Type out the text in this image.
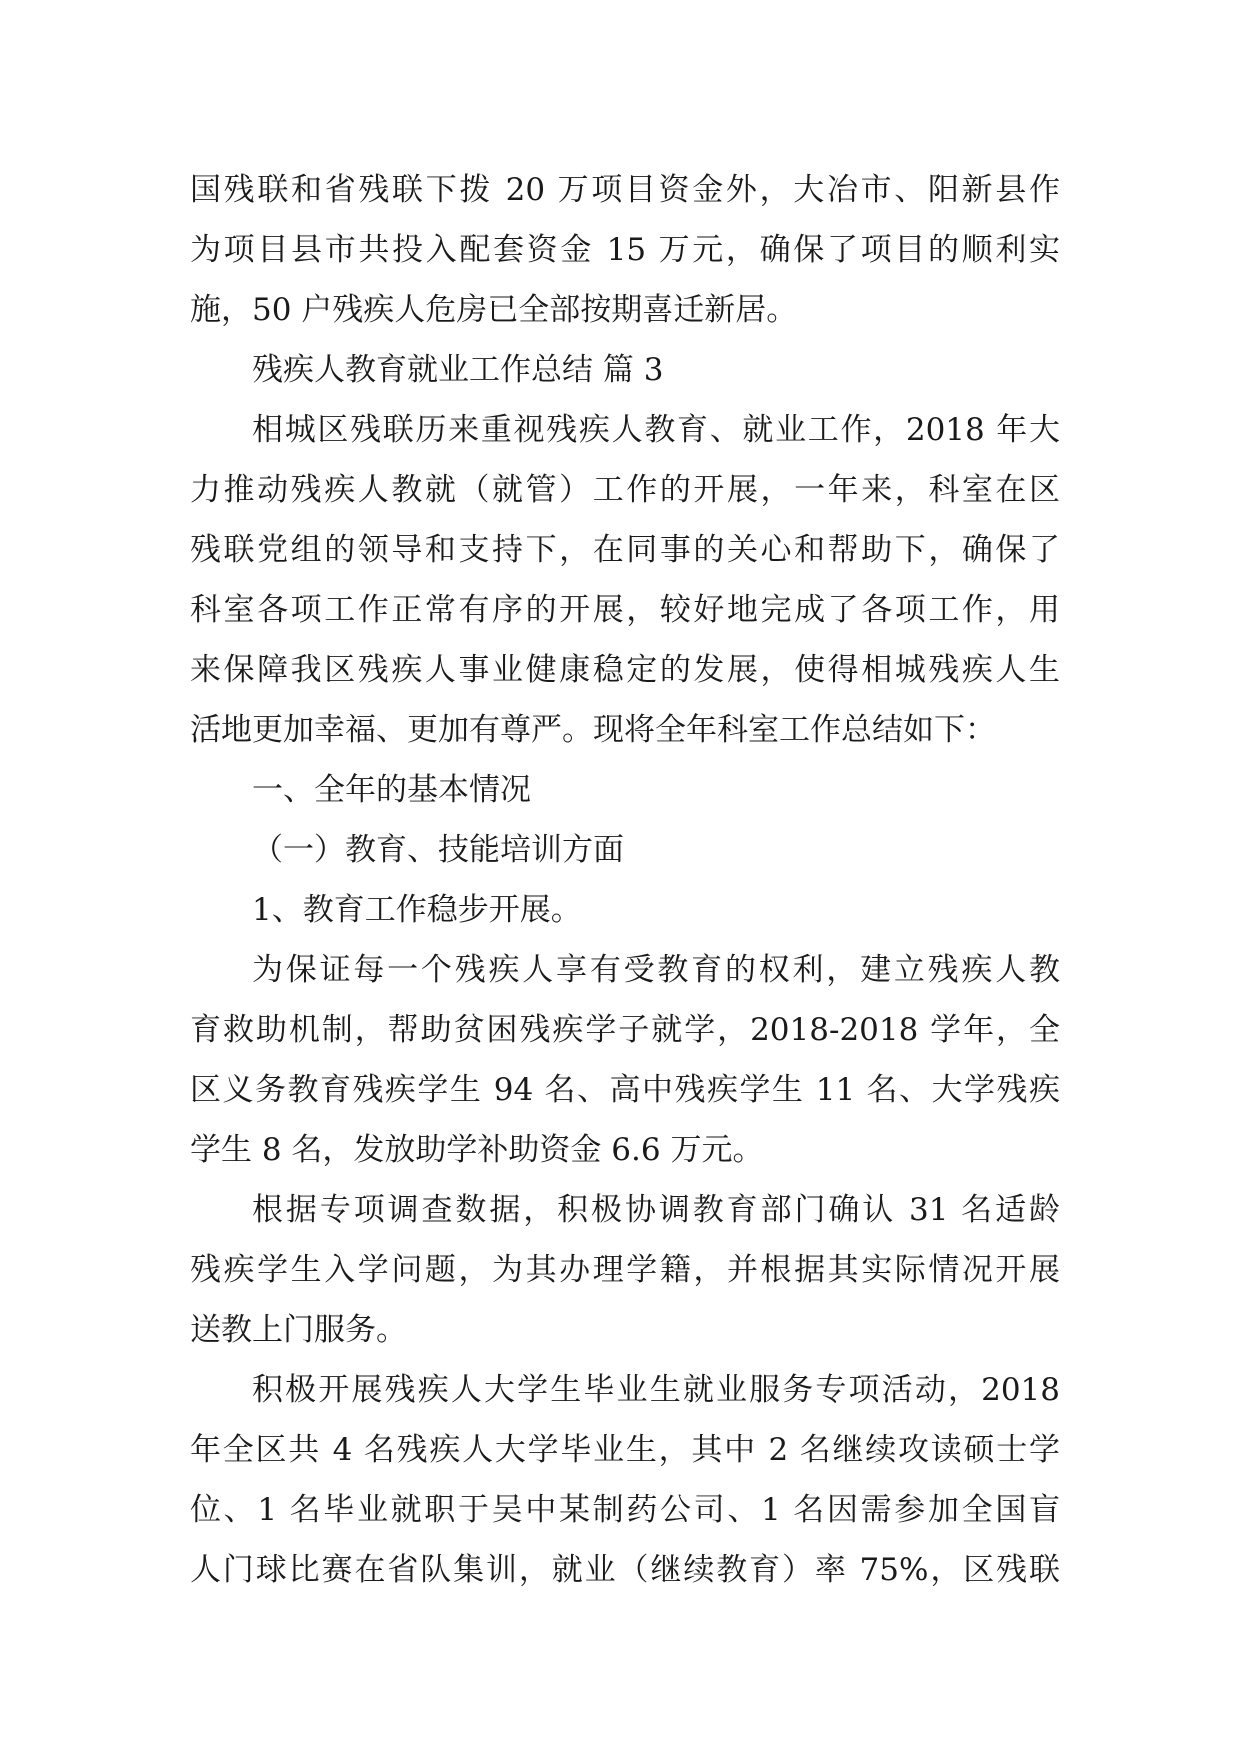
国残联和省残联下拨 20 万项目资金外，大冶市、阳新县作
为项目县市共投入配套资金 15 万元，确保了项目的顺利实
施，50 户残疾人危房已全部按期喜迁新居。
残疾人教育就业工作总结 篇 3
相城区残联历来重视残疾人教育、就业工作，2018 年大
力推动残疾人教就（就管）工作的开展，一年来，科室在区
残联党组的领导和支持下，在同事的关心和帮助下，确保了
科室各项工作正常有序的开展，较好地完成了各项工作，用
来保障我区残疾人事业健康稳定的发展，使得相城残疾人生
活地更加幸福、更加有尊严。现将全年科室工作总结如下：
一、全年的基本情况
（一）教育、技能培训方面
1、教育工作稳步开展。
为保证每一个残疾人享有受教育的权利，建立残疾人教
育救助机制，帮助贫困残疾学子就学，2018-2018 学年，全
区义务教育残疾学生 94 名、高中残疾学生 11 名、大学残疾
学生 8 名，发放助学补助资金 6.6 万元。
根据专项调查数据，积极协调教育部门确认 31 名适龄
残疾学生入学问题，为其办理学籍，并根据其实际情况开展
送教上门服务。
积极开展残疾人大学生毕业生就业服务专项活动，2018
年全区共 4 名残疾人大学毕业生，其中 2 名继续攻读硕士学
位、1 名毕业就职于吴中某制药公司、1 名因需参加全国盲
人门球比赛在省队集训，就业（继续教育）率 75%，区残联
